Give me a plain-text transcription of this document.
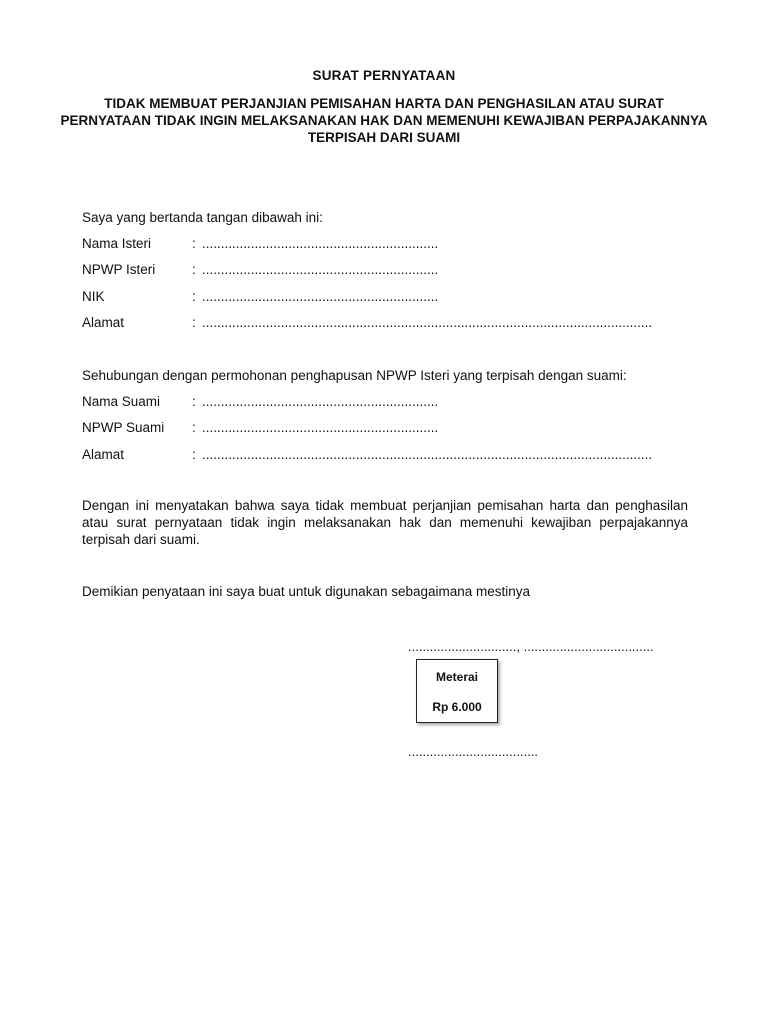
SURAT PERNYATAAN
TIDAK MEMBUAT PERJANJIAN PEMISAHAN HARTA DAN PENGHASILAN ATAU SURAT PERNYATAAN TIDAK INGIN MELAKSANAKAN HAK DAN MEMENUHI KEWAJIBAN PERPAJAKANNYA TERPISAH DARI SUAMI
Saya yang bertanda tangan dibawah ini:
Nama Isteri	: ...............................................................
NPWP Isteri	: ...............................................................
NIK	: ...............................................................
Alamat	: ........................................................................................................................
Sehubungan dengan permohonan penghapusan NPWP Isteri yang terpisah dengan suami:
Nama Suami	: ...............................................................
NPWP Suami	: ...............................................................
Alamat	: ........................................................................................................................
Dengan ini menyatakan bahwa saya tidak membuat perjanjian pemisahan harta dan penghasilan atau surat pernyataan tidak ingin melaksanakan hak dan memenuhi kewajiban perpajakannya terpisah dari suami.
Demikian penyataan ini saya buat untuk digunakan sebagaimana mestinya
.............................., ....................................
Meterai
Rp 6.000
....................................
